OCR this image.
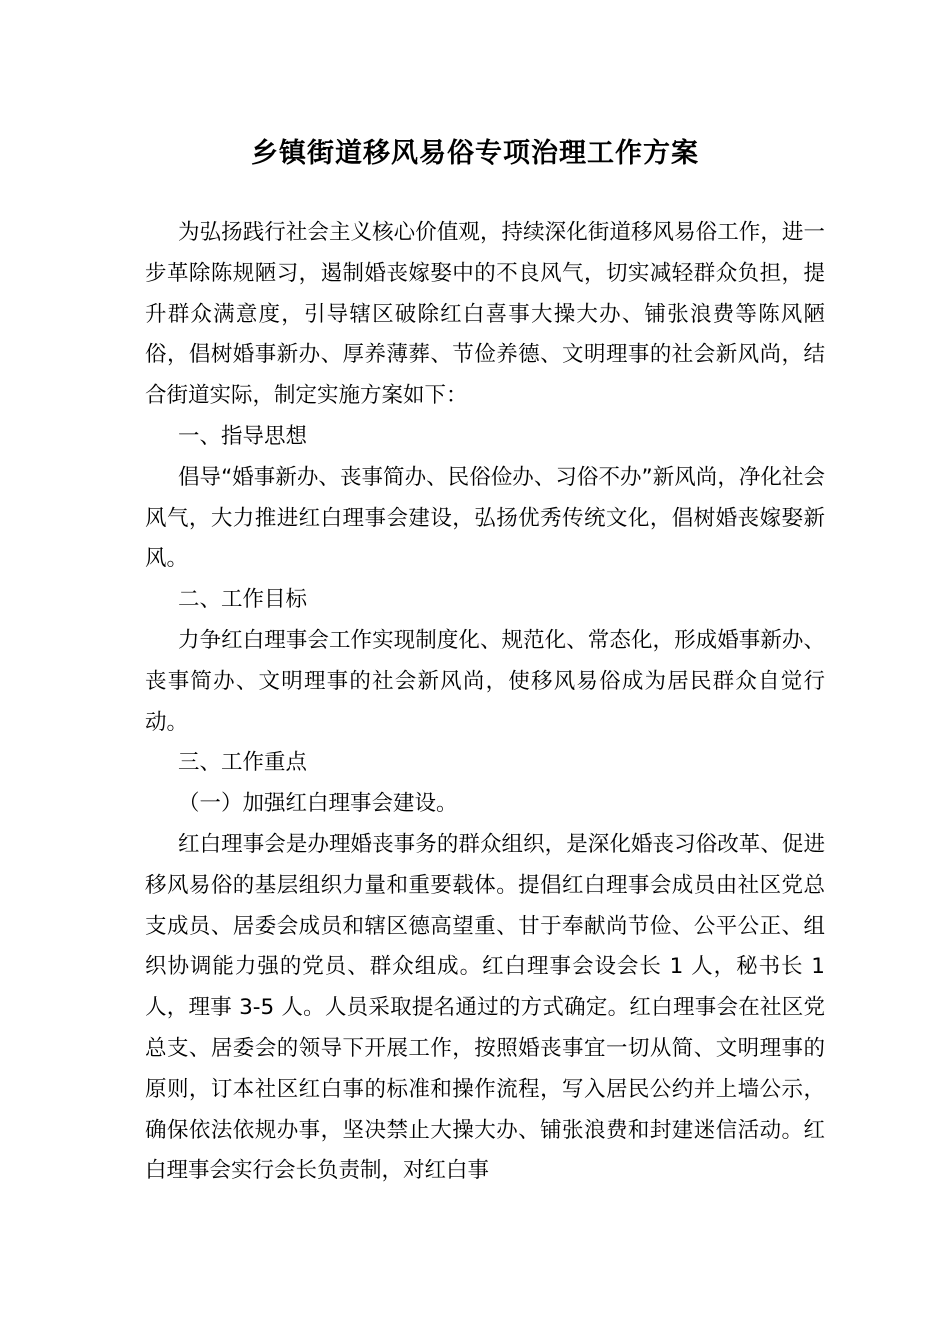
乡镇街道移风易俗专项治理工作方案

为弘扬践行社会主义核心价值观，持续深化街道移风易俗工作，进一步革除陈规陋习，遏制婚丧嫁娶中的不良风气，切实减轻群众负担，提升群众满意度，引导辖区破除红白喜事大操大办、铺张浪费等陈风陋俗，倡树婚事新办、厚养薄葬、节俭养德、文明理事的社会新风尚，结合街道实际，制定实施方案如下：

一、指导思想

倡导“婚事新办、丧事简办、民俗俭办、习俗不办”新风尚，净化社会风气，大力推进红白理事会建设，弘扬优秀传统文化，倡树婚丧嫁娶新风。

二、工作目标

力争红白理事会工作实现制度化、规范化、常态化，形成婚事新办、丧事简办、文明理事的社会新风尚，使移风易俗成为居民群众自觉行动。

三、工作重点

（一）加强红白理事会建设。

红白理事会是办理婚丧事务的群众组织，是深化婚丧习俗改革、促进移风易俗的基层组织力量和重要载体。提倡红白理事会成员由社区党总支成员、居委会成员和辖区德高望重、甘于奉献尚节俭、公平公正、组织协调能力强的党员、群众组成。红白理事会设会长 1 人，秘书长 1 人，理事 3-5 人。人员采取提名通过的方式确定。红白理事会在社区党总支、居委会的领导下开展工作，按照婚丧事宜一切从简、文明理事的原则，订本社区红白事的标准和操作流程，写入居民公约并上墙公示，确保依法依规办事，坚决禁止大操大办、铺张浪费和封建迷信活动。红白理事会实行会长负责制，对红白事
